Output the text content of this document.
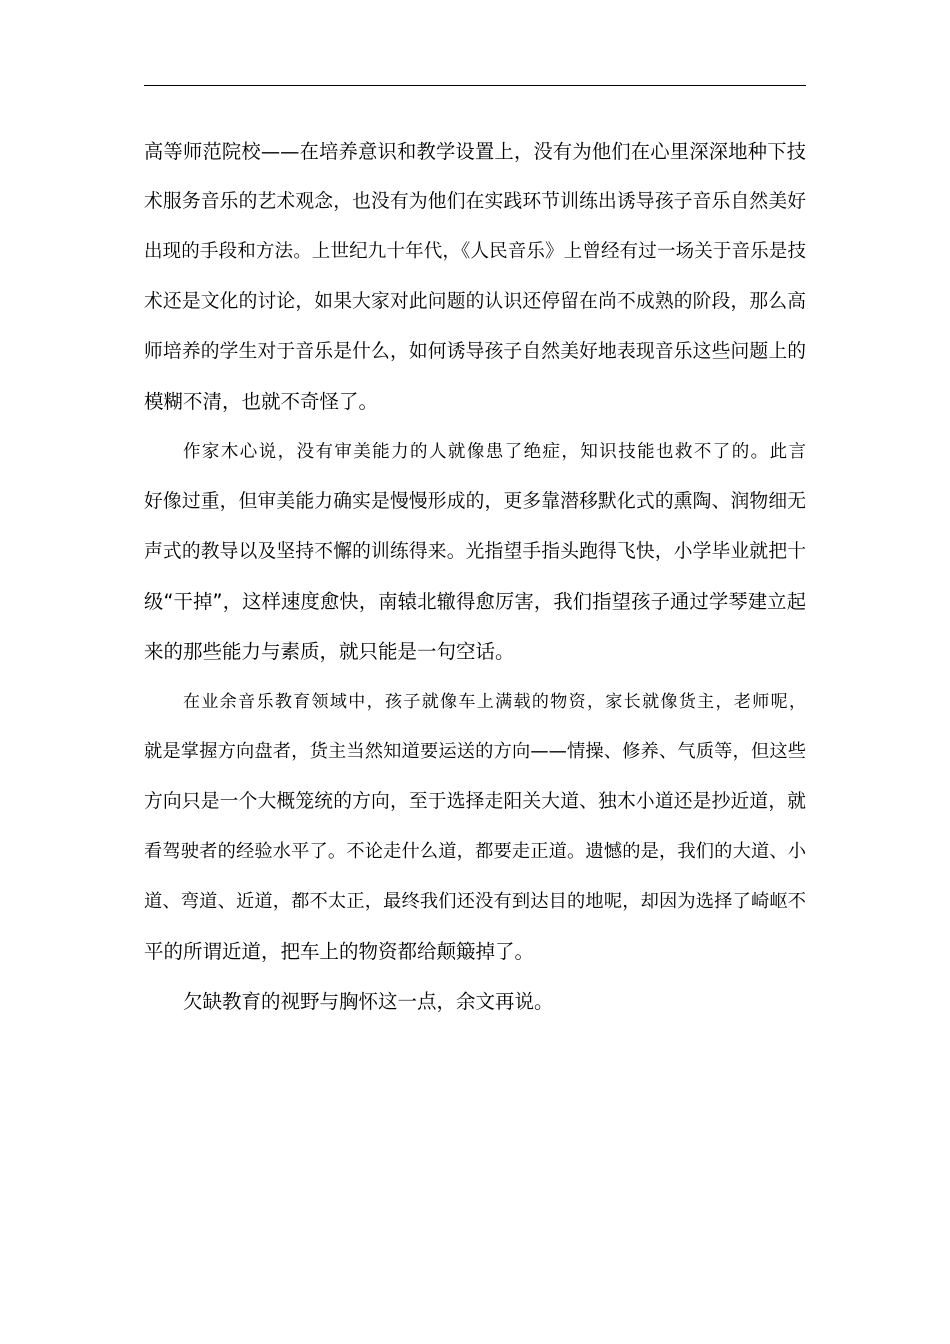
高等师范院校——在培养意识和教学设置上，没有为他们在心里深深地种下技
术服务音乐的艺术观念，也没有为他们在实践环节训练出诱导孩子音乐自然美好
出现的手段和方法。上世纪九十年代，《人民音乐》上曾经有过一场关于音乐是技
术还是文化的讨论，如果大家对此问题的认识还停留在尚不成熟的阶段，那么高
师培养的学生对于音乐是什么，如何诱导孩子自然美好地表现音乐这些问题上的
模糊不清，也就不奇怪了。
作家木心说，没有审美能力的人就像患了绝症，知识技能也救不了的。此言
好像过重，但审美能力确实是慢慢形成的，更多靠潜移默化式的熏陶、润物细无
声式的教导以及坚持不懈的训练得来。光指望手指头跑得飞快，小学毕业就把十
级“干掉”，这样速度愈快，南辕北辙得愈厉害，我们指望孩子通过学琴建立起
来的那些能力与素质，就只能是一句空话。
在业余音乐教育领域中，孩子就像车上满载的物资，家长就像货主，老师呢，
就是掌握方向盘者，货主当然知道要运送的方向——情操、修养、气质等，但这些
方向只是一个大概笼统的方向，至于选择走阳关大道、独木小道还是抄近道，就
看驾驶者的经验水平了。不论走什么道，都要走正道。遗憾的是，我们的大道、小
道、弯道、近道，都不太正，最终我们还没有到达目的地呢，却因为选择了崎岖不
平的所谓近道，把车上的物资都给颠簸掉了。
欠缺教育的视野与胸怀这一点，余文再说。
